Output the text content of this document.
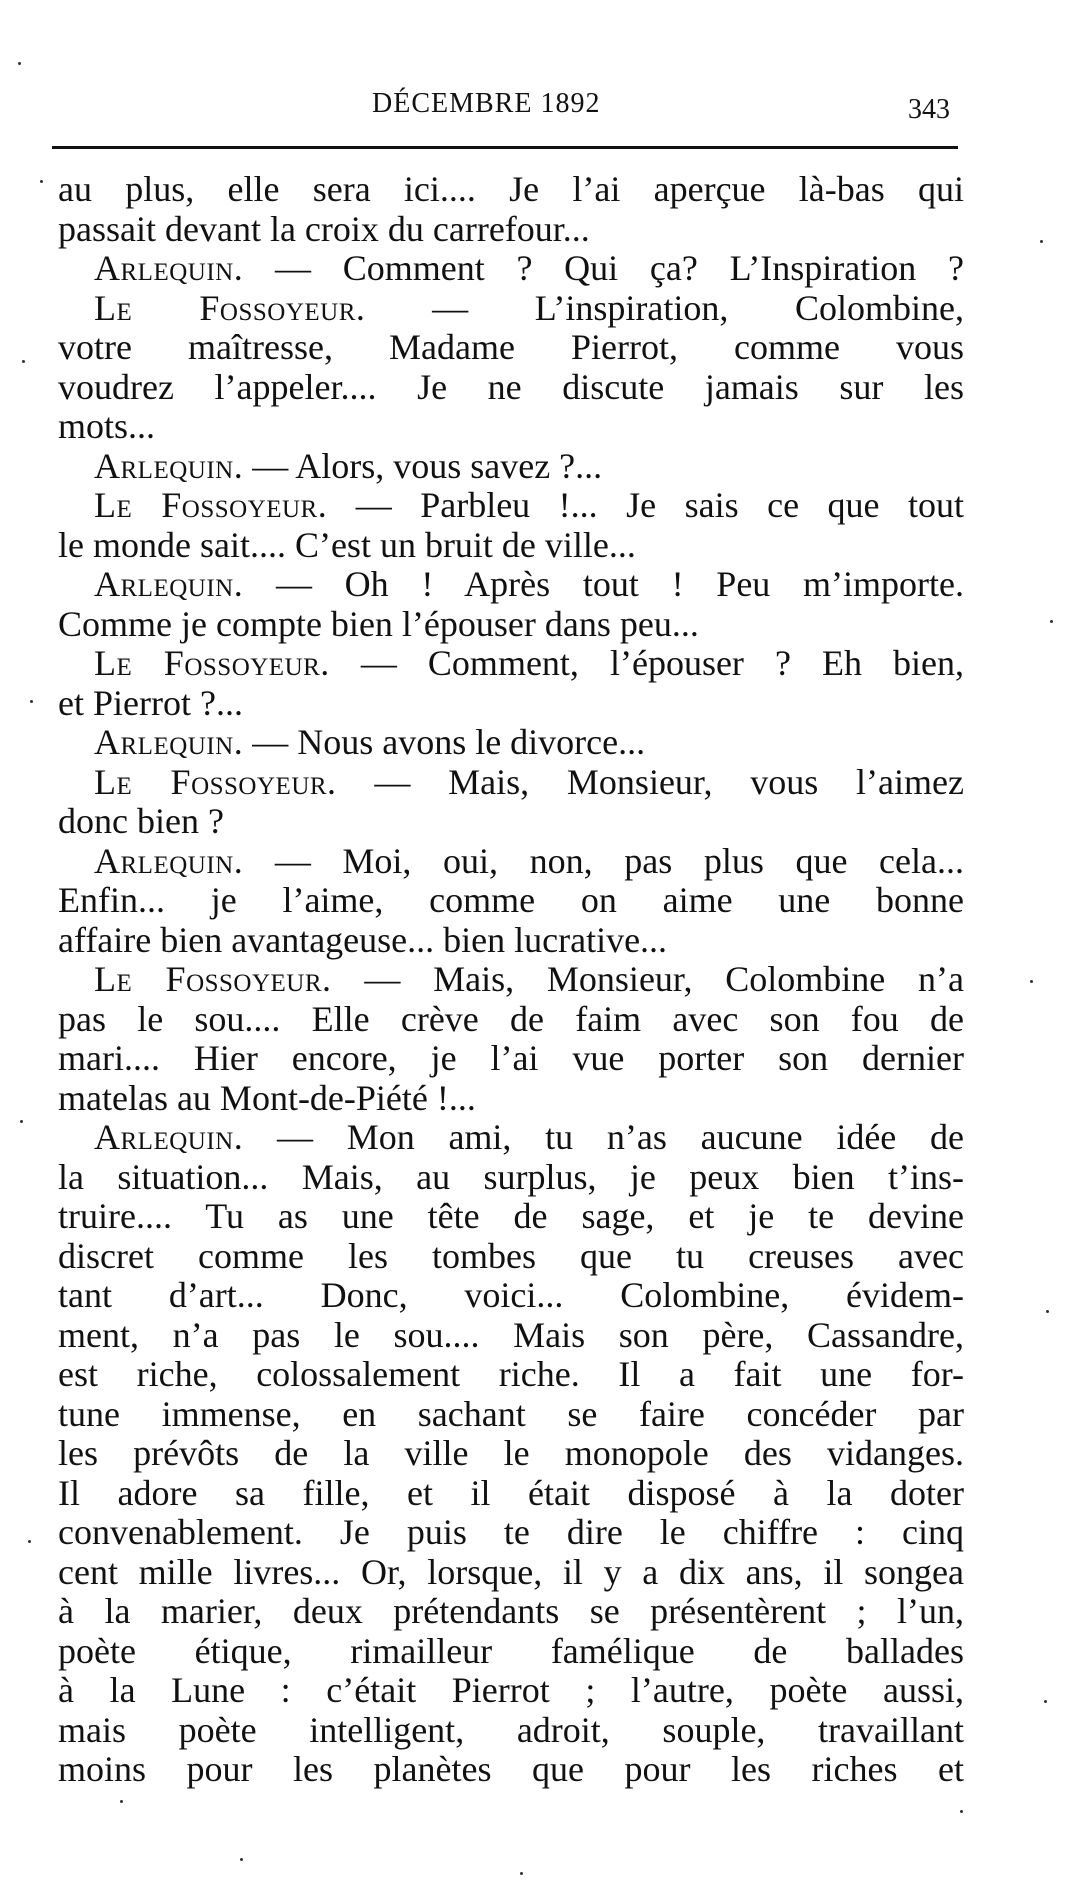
DÉCEMBRE 1892	343
au plus, elle sera ici.... Je l’ai aperçue là-bas qui
passait devant la croix du carrefour...
Arlequin. — Comment ? Qui ça? L’Inspiration ?
Le Fossoyeur. — L’inspiration, Colombine,
votre maîtresse, Madame Pierrot, comme vous
voudrez l’appeler.... Je ne discute jamais sur les
mots...
Arlequin. — Alors, vous savez ?...
Le Fossoyeur. — Parbleu !... Je sais ce que tout
le monde sait.... C’est un bruit de ville...
Arlequin. — Oh ! Après tout ! Peu m’importe.
Comme je compte bien l’épouser dans peu...
Le Fossoyeur. — Comment, l’épouser ? Eh bien,
et Pierrot ?...
Arlequin. — Nous avons le divorce...
Le Fossoyeur. — Mais, Monsieur, vous l’aimez
donc bien ?
Arlequin. — Moi, oui, non, pas plus que cela...
Enfin... je l’aime, comme on aime une bonne
affaire bien avantageuse... bien lucrative...
Le Fossoyeur. — Mais, Monsieur, Colombine n’a
pas le sou.... Elle crève de faim avec son fou de
mari.... Hier encore, je l’ai vue porter son dernier
matelas au Mont-de-Piété !...
Arlequin. — Mon ami, tu n’as aucune idée de
la situation... Mais, au surplus, je peux bien t’ins-
truire.... Tu as une tête de sage, et je te devine
discret comme les tombes que tu creuses avec
tant d’art... Donc, voici... Colombine, évidem-
ment, n’a pas le sou.... Mais son père, Cassandre,
est riche, colossalement riche. Il a fait une for-
tune immense, en sachant se faire concéder par
les prévôts de la ville le monopole des vidanges.
Il adore sa fille, et il était disposé à la doter
convenablement. Je puis te dire le chiffre : cinq
cent mille livres... Or, lorsque, il y a dix ans, il songea
à la marier, deux prétendants se présentèrent ; l’un,
poète étique, rimailleur famélique de ballades
à la Lune : c’était Pierrot ; l’autre, poète aussi,
mais poète intelligent, adroit, souple, travaillant
moins pour les planètes que pour les riches et
